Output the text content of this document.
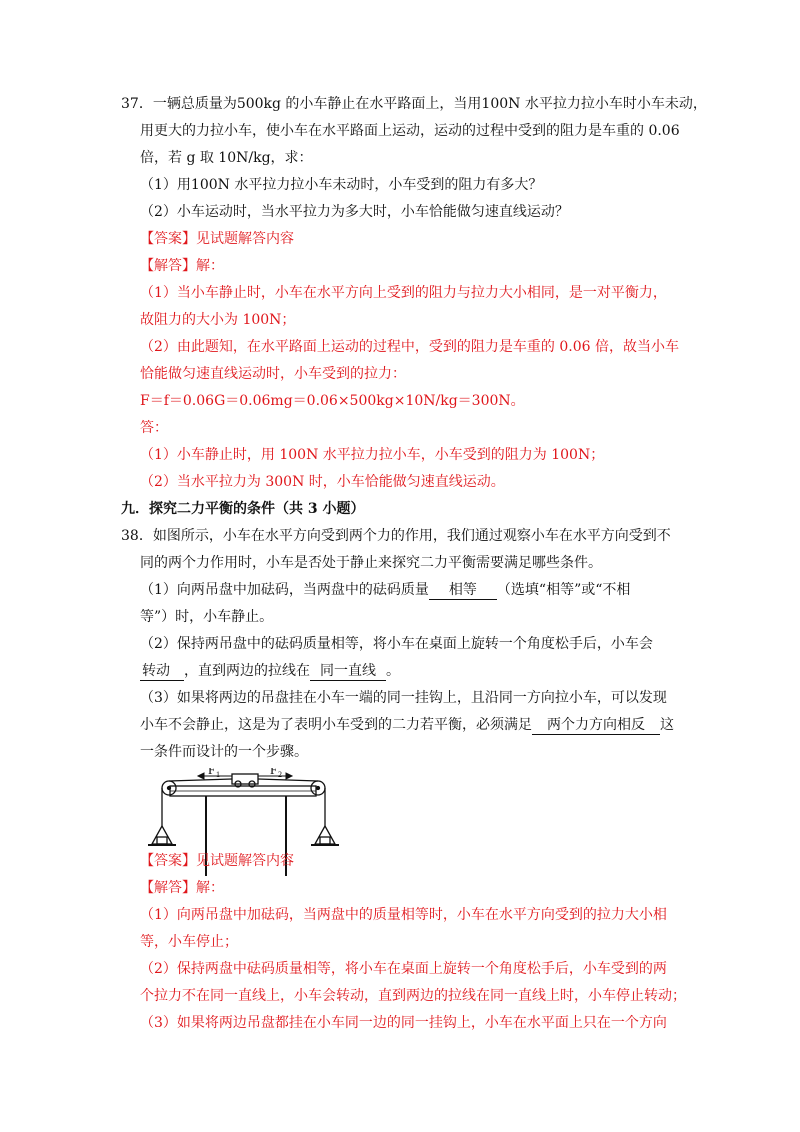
37．一辆总质量为500kg 的小车静止在水平路面上，当用100N 水平拉力拉小车时小车未动，
用更大的力拉小车，使小车在水平路面上运动，运动的过程中受到的阻力是车重的 0.06
倍，若 g 取 10N/kg，求：
（1）用100N 水平拉力拉小车未动时，小车受到的阻力有多大？
（2）小车运动时，当水平拉力为多大时，小车恰能做匀速直线运动？
【答案】见试题解答内容
【解答】解：
（1）当小车静止时，小车在水平方向上受到的阻力与拉力大小相同，是一对平衡力，
故阻力的大小为 100N；
（2）由此题知，在水平路面上运动的过程中，受到的阻力是车重的 0.06 倍，故当小车
恰能做匀速直线运动时，小车受到的拉力：
F＝f＝0.06G＝0.06mg＝0.06×500kg×10N/kg＝300N。
答：
（1）小车静止时，用 100N 水平拉力拉小车，小车受到的阻力为 100N；
（2）当水平拉力为 300N 时，小车恰能做匀速直线运动。
九．探究二力平衡的条件（共 3 小题）
38．如图所示，小车在水平方向受到两个力的作用，我们通过观察小车在水平方向受到不
同的两个力作用时，小车是否处于静止来探究二力平衡需要满足哪些条件。
（1）向两吊盘中加砝码，当两盘中的砝码质量 相等 （选填“相等”或“不相
等”）时，小车静止。
（2）保持两吊盘中的砝码质量相等，将小车在桌面上旋转一个角度松手后，小车会
转动 ，直到两边的拉线在 同一直线 。
（3）如果将两边的吊盘挂在小车一端的同一挂钩上，且沿同一方向拉小车，可以发现
小车不会静止，这是为了表明小车受到的二力若平衡，必须满足 两个力方向相反 这
一条件而设计的一个步骤。
F 1	F 2
【答案】见试题解答内容
【解答】解：
（1）向两吊盘中加砝码，当两盘中的质量相等时，小车在水平方向受到的拉力大小相
等，小车停止；
（2）保持两盘中砝码质量相等，将小车在桌面上旋转一个角度松手后，小车受到的两
个拉力不在同一直线上，小车会转动，直到两边的拉线在同一直线上时，小车停止转动；
（3）如果将两边吊盘都挂在小车同一边的同一挂钩上，小车在水平面上只在一个方向
